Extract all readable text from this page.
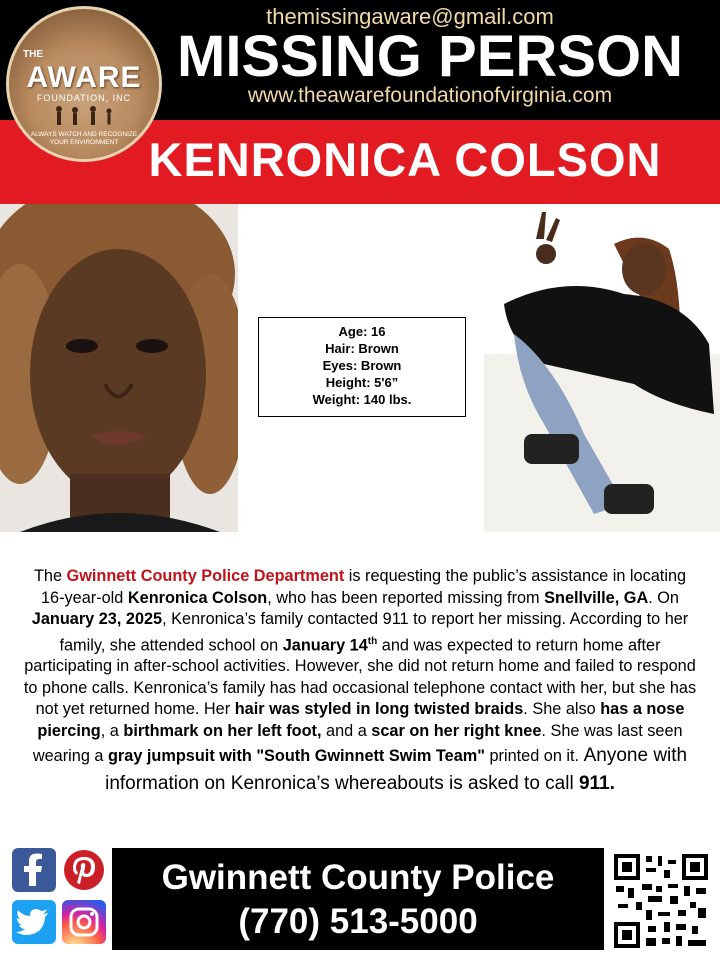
themissingaware@gmail.com
MISSING PERSON
www.theawarefoundationofvirginia.com
KENRONICA COLSON
THE
AWARE
FOUNDATION, INC
ALWAYS WATCH AND RECOGNIZE YOUR ENVIRONMENT
Age: 16
Hair: Brown
Eyes: Brown
Height: 5'6”
Weight: 140 lbs.
The Gwinnett County Police Department is requesting the public’s assistance in locating 16-year-old Kenronica Colson, who has been reported missing from Snellville, GA. On January 23, 2025, Kenronica’s family contacted 911 to report her missing. According to her family, she attended school on January 14th and was expected to return home after participating in after-school activities. However, she did not return home and failed to respond to phone calls. Kenronica’s family has had occasional telephone contact with her, but she has not yet returned home. Her hair was styled in long twisted braids. She also has a nose piercing, a birthmark on her left foot, and a scar on her right knee. She was last seen wearing a gray jumpsuit with "South Gwinnett Swim Team" printed on it. Anyone with information on Kenronica’s whereabouts is asked to call 911.
Gwinnett County Police
(770) 513-5000
